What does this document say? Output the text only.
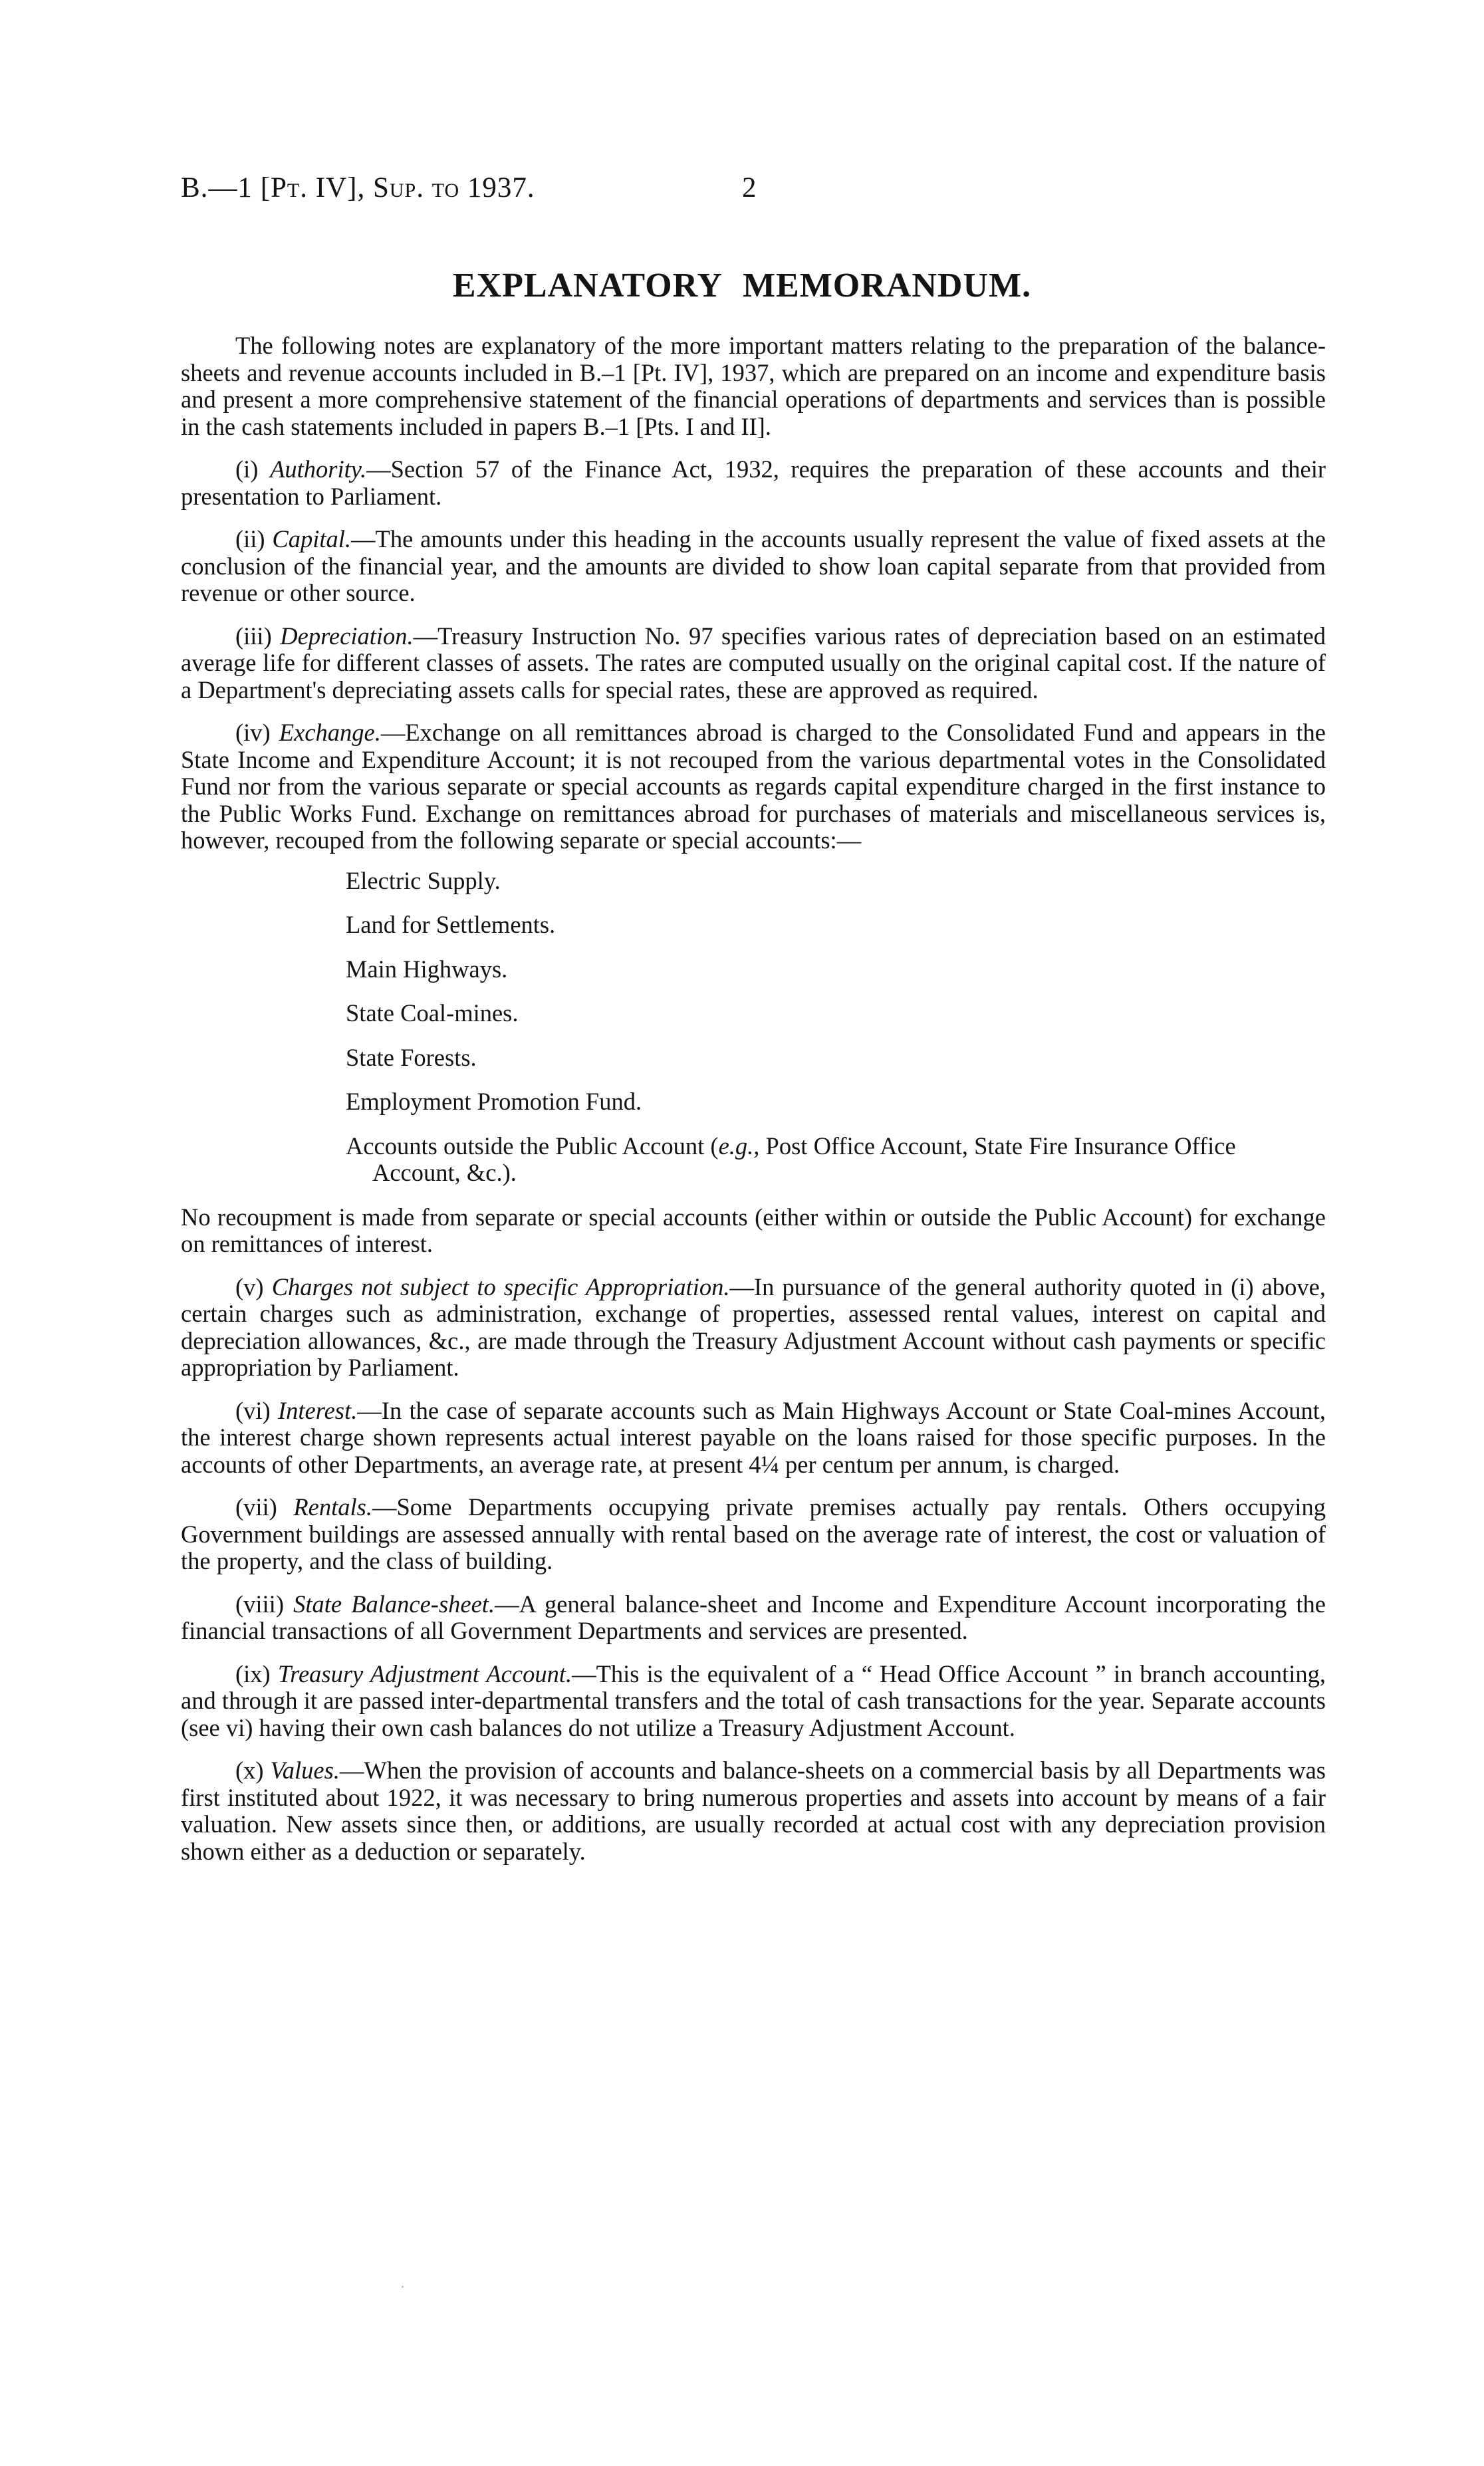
B.—1 [Pt. IV], Sup. to 1937.	2
EXPLANATORY MEMORANDUM.

The following notes are explanatory of the more important matters relating to the preparation of the balance-sheets and revenue accounts included in B.–1 [Pt. IV], 1937, which are prepared on an income and expenditure basis and present a more comprehensive statement of the financial operations of departments and services than is possible in the cash statements included in papers B.–1 [Pts. I and II].

(i) Authority.—Section 57 of the Finance Act, 1932, requires the preparation of these accounts and their presentation to Parliament.

(ii) Capital.—The amounts under this heading in the accounts usually represent the value of fixed assets at the conclusion of the financial year, and the amounts are divided to show loan capital separate from that provided from revenue or other source.

(iii) Depreciation.—Treasury Instruction No. 97 specifies various rates of depreciation based on an estimated average life for different classes of assets. The rates are computed usually on the original capital cost. If the nature of a Department's depreciating assets calls for special rates, these are approved as required.

(iv) Exchange.—Exchange on all remittances abroad is charged to the Consolidated Fund and appears in the State Income and Expenditure Account; it is not recouped from the various departmental votes in the Consolidated Fund nor from the various separate or special accounts as regards capital expenditure charged in the first instance to the Public Works Fund. Exchange on remittances abroad for purchases of materials and miscellaneous services is, however, recouped from the following separate or special accounts:—

Electric Supply.
Land for Settlements.
Main Highways.
State Coal-mines.
State Forests.
Employment Promotion Fund.
Accounts outside the Public Account (e.g., Post Office Account, State Fire Insurance Office Account, &c.).

No recoupment is made from separate or special accounts (either within or outside the Public Account) for exchange on remittances of interest.

(v) Charges not subject to specific Appropriation.—In pursuance of the general authority quoted in (i) above, certain charges such as administration, exchange of properties, assessed rental values, interest on capital and depreciation allowances, &c., are made through the Treasury Adjustment Account without cash payments or specific appropriation by Parliament.

(vi) Interest.—In the case of separate accounts such as Main Highways Account or State Coal-mines Account, the interest charge shown represents actual interest payable on the loans raised for those specific purposes. In the accounts of other Departments, an average rate, at present 4¼ per centum per annum, is charged.

(vii) Rentals.—Some Departments occupying private premises actually pay rentals. Others occupying Government buildings are assessed annually with rental based on the average rate of interest, the cost or valuation of the property, and the class of building.

(viii) State Balance-sheet.—A general balance-sheet and Income and Expenditure Account incorporating the financial transactions of all Government Departments and services are presented.

(ix) Treasury Adjustment Account.—This is the equivalent of a “ Head Office Account ” in branch accounting, and through it are passed inter-departmental transfers and the total of cash transactions for the year. Separate accounts (see vi) having their own cash balances do not utilize a Treasury Adjustment Account.

(x) Values.—When the provision of accounts and balance-sheets on a commercial basis by all Departments was first instituted about 1922, it was necessary to bring numerous properties and assets into account by means of a fair valuation. New assets since then, or additions, are usually recorded at actual cost with any depreciation provision shown either as a deduction or separately.
